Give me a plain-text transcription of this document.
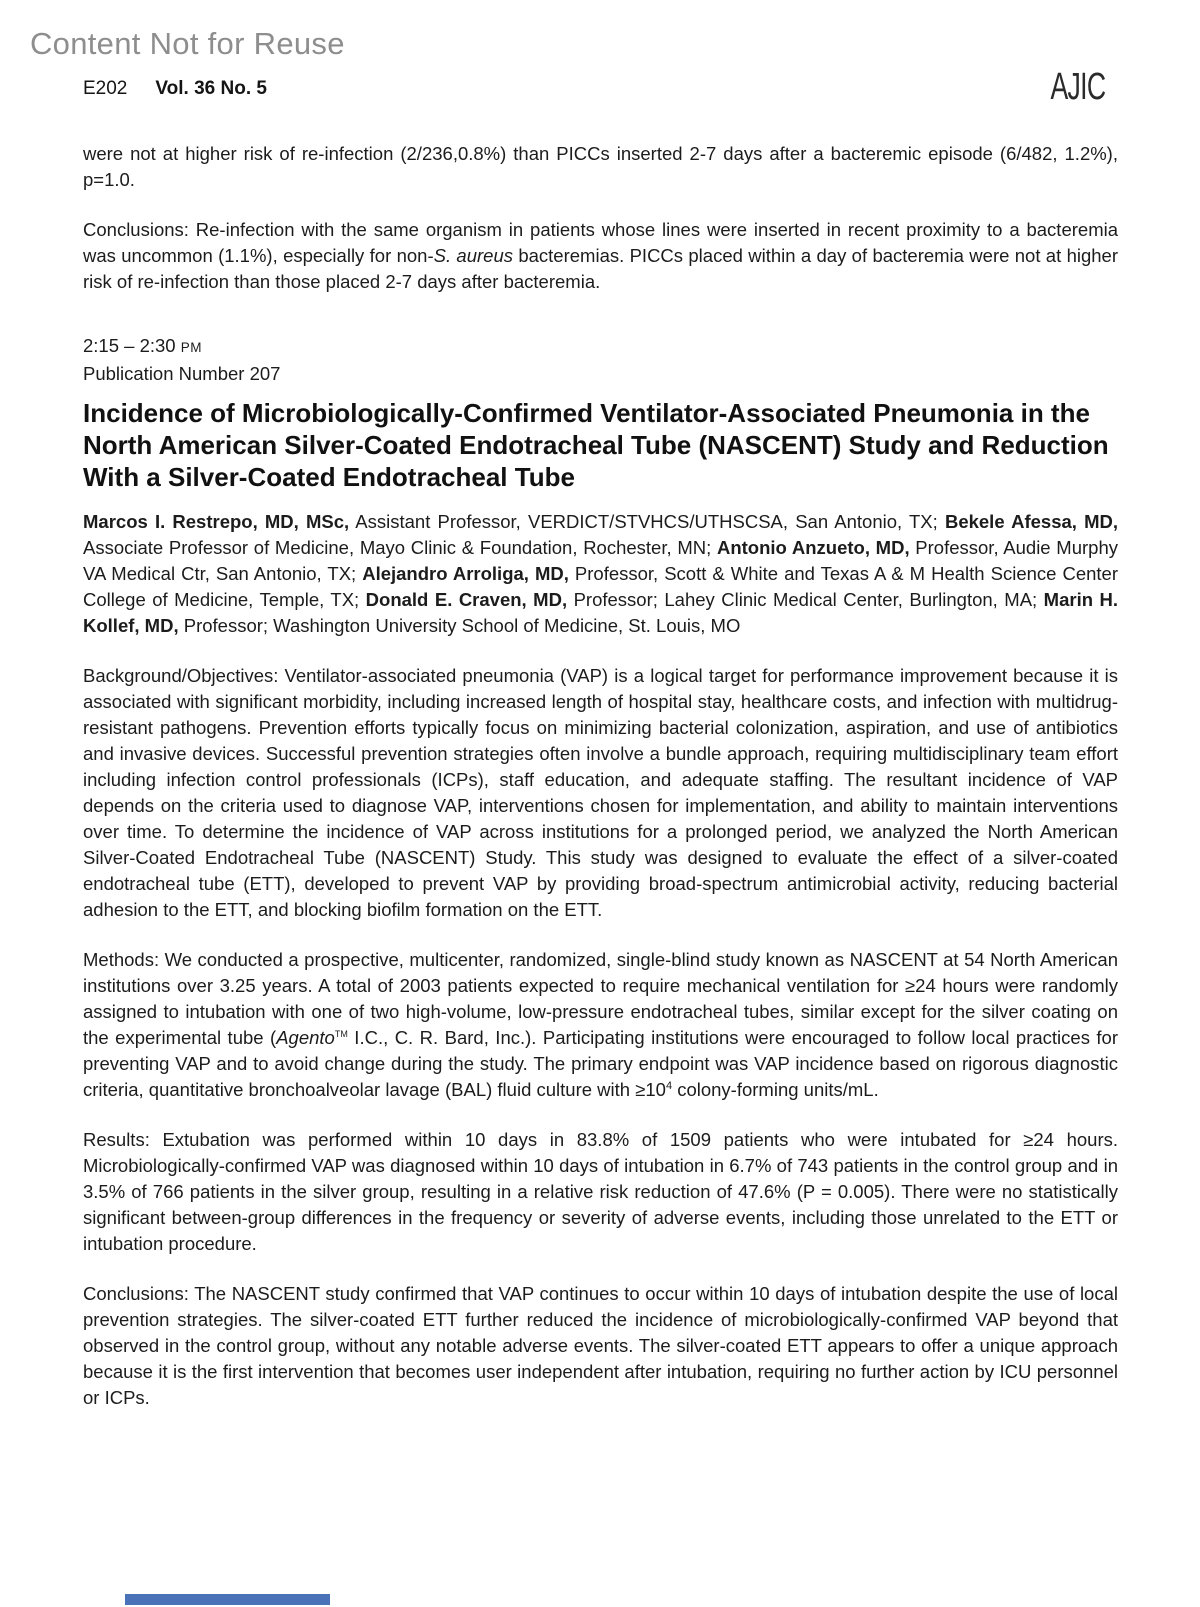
Content Not for Reuse
E202 Vol. 36 No. 5	AJIC

were not at higher risk of re-infection (2/236,0.8%) than PICCs inserted 2-7 days after a bacteremic episode (6/482, 1.2%), p=1.0.

Conclusions: Re-infection with the same organism in patients whose lines were inserted in recent proximity to a bacteremia was uncommon (1.1%), especially for non-S. aureus bacteremias. PICCs placed within a day of bacteremia were not at higher risk of re-infection than those placed 2-7 days after bacteremia.

2:15 – 2:30 PM
Publication Number 207
Incidence of Microbiologically-Confirmed Ventilator-Associated Pneumonia in the North American Silver-Coated Endotracheal Tube (NASCENT) Study and Reduction With a Silver-Coated Endotracheal Tube

Marcos I. Restrepo, MD, MSc, Assistant Professor, VERDICT/STVHCS/UTHSCSA, San Antonio, TX; Bekele Afessa, MD, Associate Professor of Medicine, Mayo Clinic & Foundation, Rochester, MN; Antonio Anzueto, MD, Professor, Audie Murphy VA Medical Ctr, San Antonio, TX; Alejandro Arroliga, MD, Professor, Scott & White and Texas A & M Health Science Center College of Medicine, Temple, TX; Donald E. Craven, MD, Professor; Lahey Clinic Medical Center, Burlington, MA; Marin H. Kollef, MD, Professor; Washington University School of Medicine, St. Louis, MO

Background/Objectives: Ventilator-associated pneumonia (VAP) is a logical target for performance improvement because it is associated with significant morbidity, including increased length of hospital stay, healthcare costs, and infection with multidrug-resistant pathogens. Prevention efforts typically focus on minimizing bacterial colonization, aspiration, and use of antibiotics and invasive devices. Successful prevention strategies often involve a bundle approach, requiring multidisciplinary team effort including infection control professionals (ICPs), staff education, and adequate staffing. The resultant incidence of VAP depends on the criteria used to diagnose VAP, interventions chosen for implementation, and ability to maintain interventions over time. To determine the incidence of VAP across institutions for a prolonged period, we analyzed the North American Silver-Coated Endotracheal Tube (NASCENT) Study. This study was designed to evaluate the effect of a silver-coated endotracheal tube (ETT), developed to prevent VAP by providing broad-spectrum antimicrobial activity, reducing bacterial adhesion to the ETT, and blocking biofilm formation on the ETT.

Methods: We conducted a prospective, multicenter, randomized, single-blind study known as NASCENT at 54 North American institutions over 3.25 years. A total of 2003 patients expected to require mechanical ventilation for ≥24 hours were randomly assigned to intubation with one of two high-volume, low-pressure endotracheal tubes, similar except for the silver coating on the experimental tube (Agento™ I.C., C. R. Bard, Inc.). Participating institutions were encouraged to follow local practices for preventing VAP and to avoid change during the study. The primary endpoint was VAP incidence based on rigorous diagnostic criteria, quantitative bronchoalveolar lavage (BAL) fluid culture with $\ge 10^4$ colony-forming units/mL.

Results: Extubation was performed within 10 days in 83.8% of 1509 patients who were intubated for ≥24 hours. Microbiologically-confirmed VAP was diagnosed within 10 days of intubation in 6.7% of 743 patients in the control group and in 3.5% of 766 patients in the silver group, resulting in a relative risk reduction of 47.6% (P = 0.005). There were no statistically significant between-group differences in the frequency or severity of adverse events, including those unrelated to the ETT or intubation procedure.

Conclusions: The NASCENT study confirmed that VAP continues to occur within 10 days of intubation despite the use of local prevention strategies. The silver-coated ETT further reduced the incidence of microbiologically-confirmed VAP beyond that observed in the control group, without any notable adverse events. The silver-coated ETT appears to offer a unique approach because it is the first intervention that becomes user independent after intubation, requiring no further action by ICU personnel or ICPs.
